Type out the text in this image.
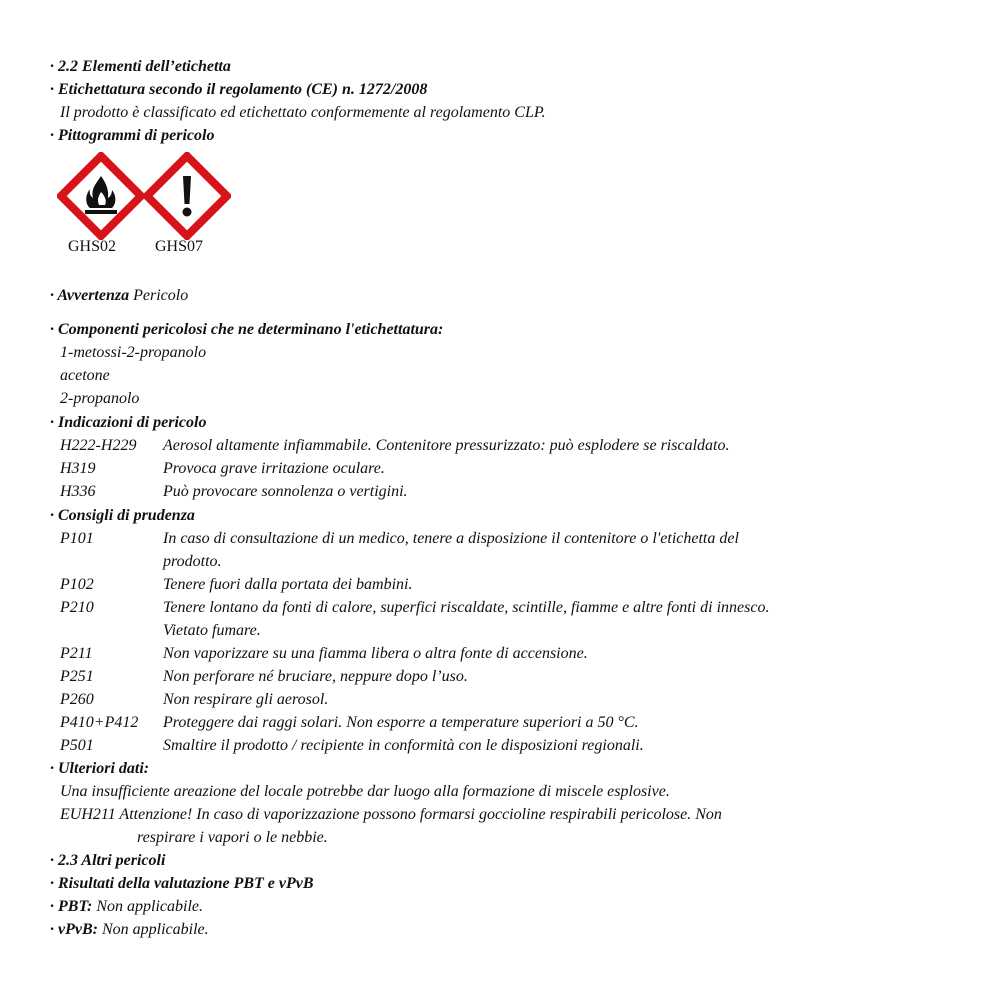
· 2.2 Elementi dell’etichetta
· Etichettatura secondo il regolamento (CE) n. 1272/2008
Il prodotto è classificato ed etichettato conformemente al regolamento CLP.
· Pittogrammi di pericolo
GHS02 GHS07
· Avvertenza Pericolo
· Componenti pericolosi che ne determinano l'etichettatura:
1-metossi-2-propanolo
acetone
2-propanolo
· Indicazioni di pericolo
H222-H229 Aerosol altamente infiammabile. Contenitore pressurizzato: può esplodere se riscaldato.
H319	Provoca grave irritazione oculare.
H336	Può provocare sonnolenza o vertigini.
· Consigli di prudenza
P101	In caso di consultazione di un medico, tenere a disposizione il contenitore o l'etichetta del
prodotto.
P102	Tenere fuori dalla portata dei bambini.
P210	Tenere lontano da fonti di calore, superfici riscaldate, scintille, fiamme e altre fonti di innesco.
Vietato fumare.
P211	Non vaporizzare su una fiamma libera o altra fonte di accensione.
P251	Non perforare né bruciare, neppure dopo l’uso.
P260	Non respirare gli aerosol.
P410+P412 Proteggere dai raggi solari. Non esporre a temperature superiori a 50 °C.
P501	Smaltire il prodotto / recipiente in conformità con le disposizioni regionali.
· Ulteriori dati:
Una insufficiente areazione del locale potrebbe dar luogo alla formazione di miscele esplosive.
EUH211 Attenzione! In caso di vaporizzazione possono formarsi goccioline respirabili pericolose. Non
respirare i vapori o le nebbie.
· 2.3 Altri pericoli
· Risultati della valutazione PBT e vPvB
· PBT: Non applicabile.
· vPvB: Non applicabile.
